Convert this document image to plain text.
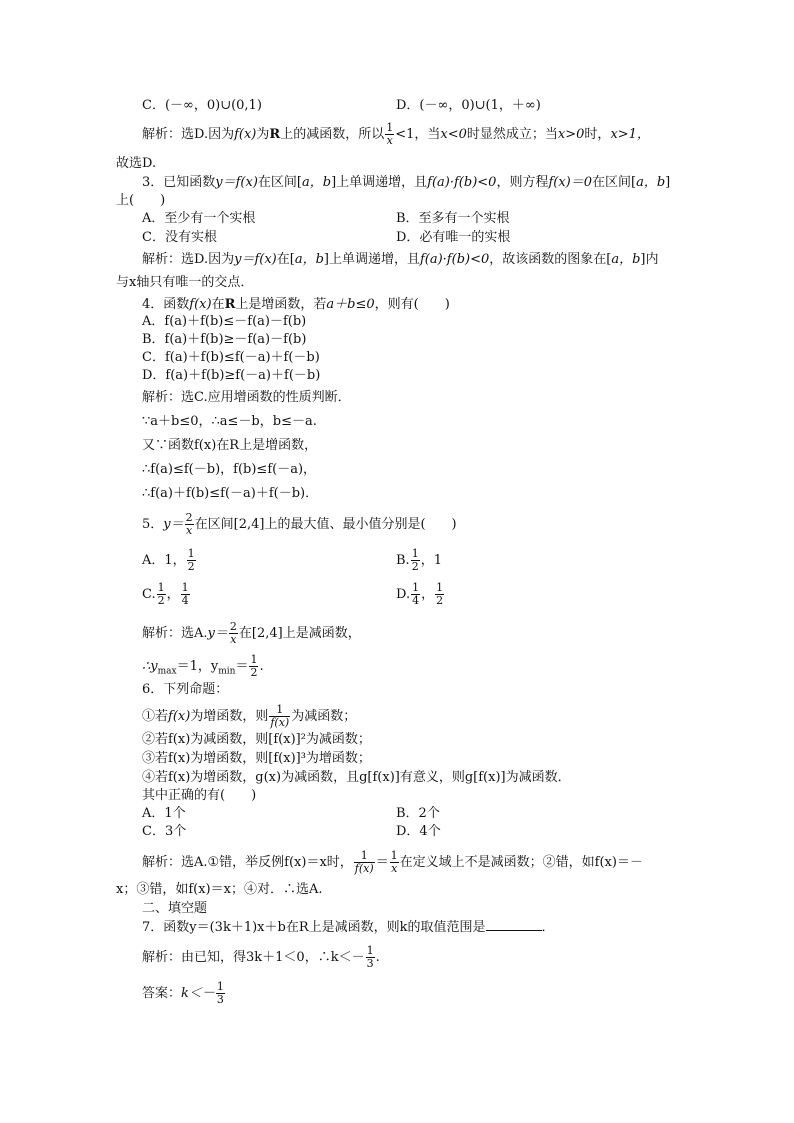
C．(－∞，0)∪(0,1)	D．(－∞，0)∪(1，＋∞)
解析：选D.因为f(x)为R上的减函数，所以 $\frac{1}{x} <1$，当x<0时显然成立；当x>0时，x>1，
故选D.
3．已知函数y＝f(x)在区间[a，b]上单调递增，且f(a)·f(b)<0，则方程f(x)＝0在区间[a，b]
上(　　)
A．至少有一个实根	B．至多有一个实根
C．没有实根	D．必有唯一的实根
解析：选D.因为y＝f(x)在[a，b]上单调递增，且f(a)·f(b)<0，故该函数的图象在[a，b]内
与x轴只有唯一的交点．
4．函数f(x)在R上是增函数，若a＋b≤0，则有(　　)
A．f(a)＋f(b)≤－f(a)－f(b)
B．f(a)＋f(b)≥－f(a)－f(b)
C．f(a)＋f(b)≤f(－a)＋f(－b)
D．f(a)＋f(b)≥f(－a)＋f(－b)
解析：选C.应用增函数的性质判断．
∵a＋b≤0，∴a≤－b，b≤－a.
又∵函数f(x)在R上是增函数，
∴f(a)≤f(－b)，f(b)≤f(－a)，
∴f(a)＋f(b)≤f(－a)＋f(－b)．
5．$y= \frac{2}{x}$ 在区间[2,4]上的最大值、最小值分别是(　　)
A．1， $\frac{1}{2}$	B. $\frac{1}{2}$ ，1
C. $\frac{1}{2}$ ， $\frac{1}{4}$	D. $\frac{1}{4}$ ， $\frac{1}{2}$
解析：选$A.y= \frac{2}{x}$ 在[2,4]上是减函数，
$\therefore y_{max}=1$，$y_{min}= \frac{1}{2}$ .
6．下列命题：
①若f(x)为增函数，则 $\frac{1}{f(x)}$ 为减函数；
②若f(x)为减函数，则[f(x)]²为减函数；
③若f(x)为增函数，则[f(x)]³为增函数；
④若f(x)为增函数，g(x)为减函数，且g[f(x)]有意义，则g[f(x)]为减函数．
其中正确的有(　　)
A．1个	B．2个
C．3个	D．4个
解析：选A.①错，举反例f(x)＝x时， $\frac{1}{f(x)} = \frac{1}{x}$ 在定义域上不是减函数；②错，如f(x)＝－
x；③错，如f(x)＝x；④对．∴选A.
二、填空题
7．函数y＝(3k＋1)x＋b在R上是减函数，则k的取值范围是	．
解析：由已知，得3k＋1＜0，∴k＜－ $\frac{1}{3}$ .
答案：$k<- \frac{1}{3}$
